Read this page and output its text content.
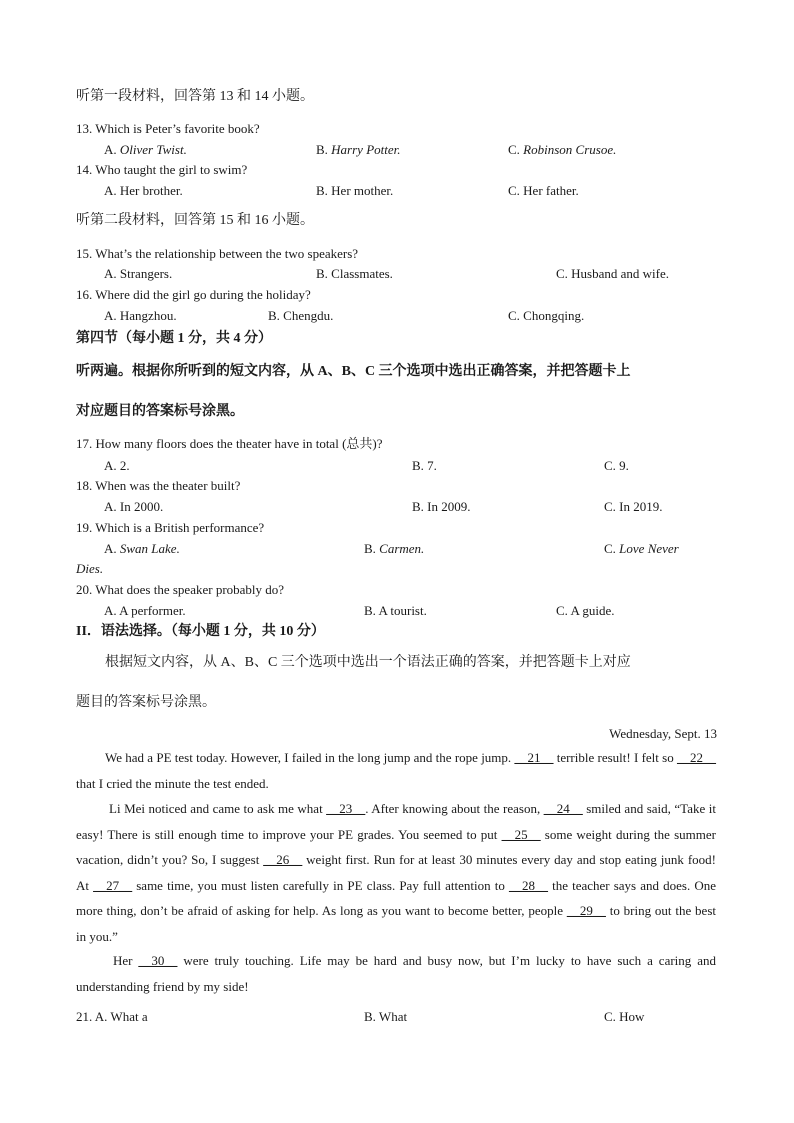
听第一段材料，回答第 13 和 14 小题。
13. Which is Peter’s favorite book?
A. Oliver Twist.	B. Harry Potter.	C. Robinson Crusoe.
14. Who taught the girl to swim?
A. Her brother.	B. Her mother.	C. Her father.
听第二段材料，回答第 15 和 16 小题。
15. What’s the relationship between the two speakers?
A. Strangers.	B. Classmates.	C. Husband and wife.
16. Where did the girl go during the holiday?
A. Hangzhou.	B. Chengdu.	C. Chongqing.
第四节（每小题 1 分，共 4 分）
听两遍。根据你所听到的短文内容，从 A、B、C 三个选项中选出正确答案，并把答题卡上
对应题目的答案标号涂黑。
17. How many floors does the theater have in total (总共)?
A. 2.	B. 7.	C. 9.
18. When was the theater built?
A. In 2000.	B. In 2009.	C. In 2019.
19. Which is a British performance?
A. Swan Lake.	B. Carmen.	C. Love Never
Dies.
20. What does the speaker probably do?
A. A performer.	B. A tourist.	C. A guide.
II．语法选择。（每小题 1 分，共 10 分）
根据短文内容，从 A、B、C 三个选项中选出一个语法正确的答案，并把答题卡上对应
题目的答案标号涂黑。
Wednesday, Sept. 13
We had a PE test today. However, I failed in the long jump and the rope jump. __21__ terrible result! I felt so __22__ that I cried the minute the test ended.
Li Mei noticed and came to ask me what __23__. After knowing about the reason, __24__ smiled and said, “Take it easy! There is still enough time to improve your PE grades. You seemed to put __25__ some weight during the summer vacation, didn’t you? So, I suggest __26__ weight first. Run for at least 30 minutes every day and stop eating junk food! At __27__ same time, you must listen carefully in PE class. Pay full attention to __28__ the teacher says and does. One more thing, don’t be afraid of asking for help. As long as you want to become better, people __29__ to bring out the best in you.”
Her __30__ were truly touching. Life may be hard and busy now, but I’m lucky to have such a caring and understanding friend by my side!
21. A. What a	B. What	C. How
